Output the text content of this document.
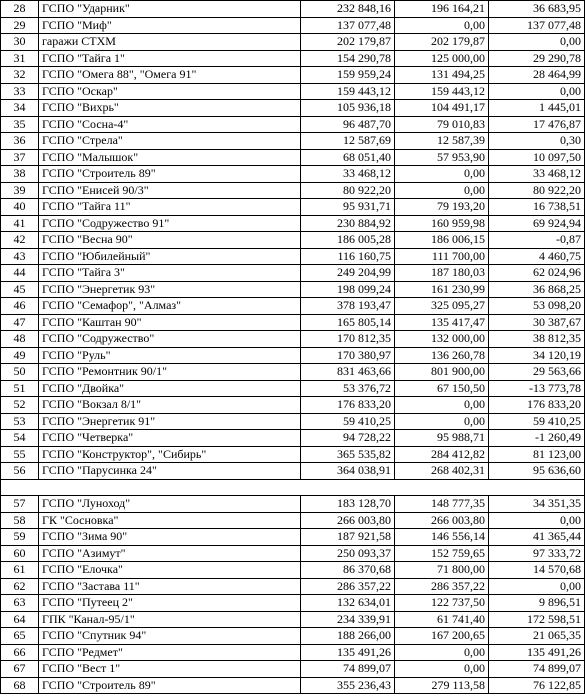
28	ГСПО "Ударник"	232 848,16	196 164,21	36 683,95
29	ГСПО "Миф"	137 077,48	0,00	137 077,48
30	гаражи СТХМ	202 179,87	202 179,87	0,00
31	ГСПО "Тайга 1"	154 290,78	125 000,00	29 290,78
32	ГСПО "Омега 88", "Омега 91"	159 959,24	131 494,25	28 464,99
33	ГСПО "Оскар"	159 443,12	159 443,12	0,00
34	ГСПО "Вихрь"	105 936,18	104 491,17	1 445,01
35	ГСПО "Сосна-4"	96 487,70	79 010,83	17 476,87
36	ГСПО "Стрела"	12 587,69	12 587,39	0,30
37	ГСПО "Малышок"	68 051,40	57 953,90	10 097,50
38	ГСПО "Строитель 89"	33 468,12	0,00	33 468,12
39	ГСПО "Енисей 90/3"	80 922,20	0,00	80 922,20
40	ГСПО "Тайга 11"	95 931,71	79 193,20	16 738,51
41	ГСПО "Содружество 91"	230 884,92	160 959,98	69 924,94
42	ГСПО "Весна 90"	186 005,28	186 006,15	-0,87
43	ГСПО "Юбилейный"	116 160,75	111 700,00	4 460,75
44	ГСПО "Тайга 3"	249 204,99	187 180,03	62 024,96
45	ГСПО "Энергетик 93"	198 099,24	161 230,99	36 868,25
46	ГСПО "Семафор", "Алмаз"	378 193,47	325 095,27	53 098,20
47	ГСПО "Каштан 90"	165 805,14	135 417,47	30 387,67
48	ГСПО "Содружество"	170 812,35	132 000,00	38 812,35
49	ГСПО "Руль"	170 380,97	136 260,78	34 120,19
50	ГСПО "Ремонтник 90/1"	831 463,66	801 900,00	29 563,66
51	ГСПО "Двойка"	53 376,72	67 150,50	-13 773,78
52	ГСПО "Вокзал 8/1"	176 833,20	0,00	176 833,20
53	ГСПО "Энергетик 91"	59 410,25	0,00	59 410,25
54	ГСПО "Четверка"	94 728,22	95 988,71	-1 260,49
55	ГСПО "Конструктор", "Сибирь"	365 535,82	284 412,82	81 123,00
56	ГСПО "Парусинка 24"	364 038,91	268 402,31	95 636,60

57	ГСПО "Луноход"	183 128,70	148 777,35	34 351,35
58	ГК "Сосновка"	266 003,80	266 003,80	0,00
59	ГСПО "Зима 90"	187 921,58	146 556,14	41 365,44
60	ГСПО "Азимут"	250 093,37	152 759,65	97 333,72
61	ГСПО "Елочка"	86 370,68	71 800,00	14 570,68
62	ГСПО "Застава 11"	286 357,22	286 357,22	0,00
63	ГСПО "Путеец 2"	132 634,01	122 737,50	9 896,51
64	ГПК "Канал-95/1"	234 339,91	61 741,40	172 598,51
65	ГСПО "Спутник 94"	188 266,00	167 200,65	21 065,35
66	ГСПО "Редмет"	135 491,26	0,00	135 491,26
67	ГСПО "Вест 1"	74 899,07	0,00	74 899,07
68	ГСПО "Строитель 89"	355 236,43	279 113,58	76 122,85
